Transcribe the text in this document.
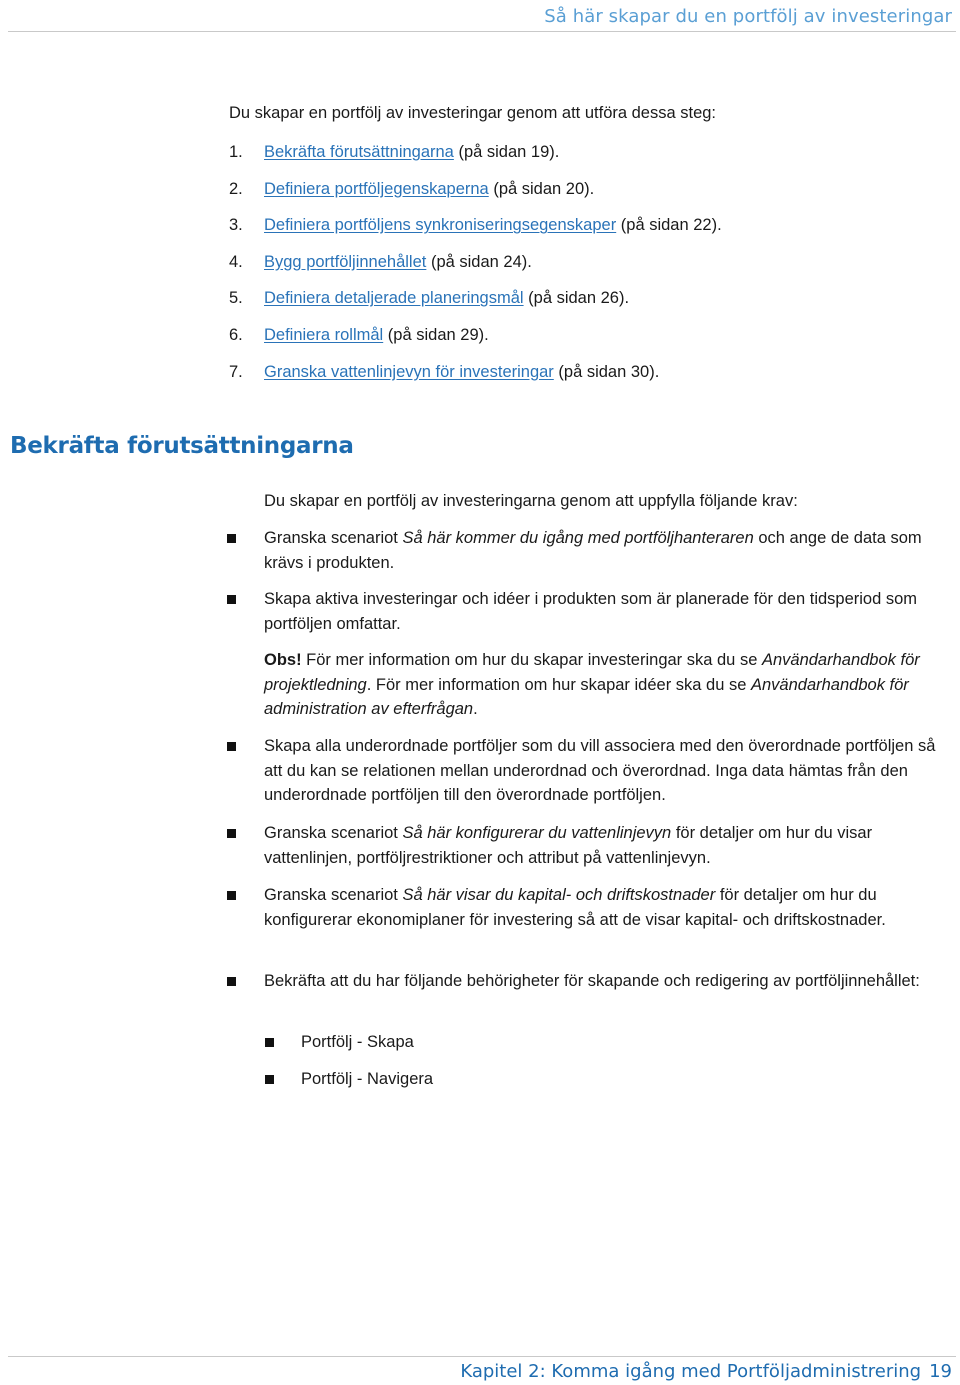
Så här skapar du en portfölj av investeringar
Du skapar en portfölj av investeringar genom att utföra dessa steg:
1. Bekräfta förutsättningarna (på sidan 19).
2. Definiera portföljegenskaperna (på sidan 20).
3. Definiera portföljens synkroniseringsegenskaper (på sidan 22).
4. Bygg portföljinnehållet (på sidan 24).
5. Definiera detaljerade planeringsmål (på sidan 26).
6. Definiera rollmål (på sidan 29).
7. Granska vattenlinjevyn för investeringar (på sidan 30).
Bekräfta förutsättningarna
Du skapar en portfölj av investeringarna genom att uppfylla följande krav:
Granska scenariot Så här kommer du igång med portföljhanteraren och ange de data som krävs i produkten.
Skapa aktiva investeringar och idéer i produkten som är planerade för den tidsperiod som portföljen omfattar.
Obs! För mer information om hur du skapar investeringar ska du se Användarhandbok för projektledning. För mer information om hur skapar idéer ska du se Användarhandbok för administration av efterfrågan.
Skapa alla underordnade portföljer som du vill associera med den överordnade portföljen så att du kan se relationen mellan underordnad och överordnad. Inga data hämtas från den underordnade portföljen till den överordnade portföljen.
Granska scenariot Så här konfigurerar du vattenlinjevyn för detaljer om hur du visar vattenlinjen, portföljrestriktioner och attribut på vattenlinjevyn.
Granska scenariot Så här visar du kapital- och driftskostnader för detaljer om hur du konfigurerar ekonomiplaner för investering så att de visar kapital- och driftskostnader.
Bekräfta att du har följande behörigheter för skapande och redigering av portföljinnehållet:
Portfölj - Skapa
Portfölj - Navigera
Kapitel 2: Komma igång med Portföljadministrering 19
